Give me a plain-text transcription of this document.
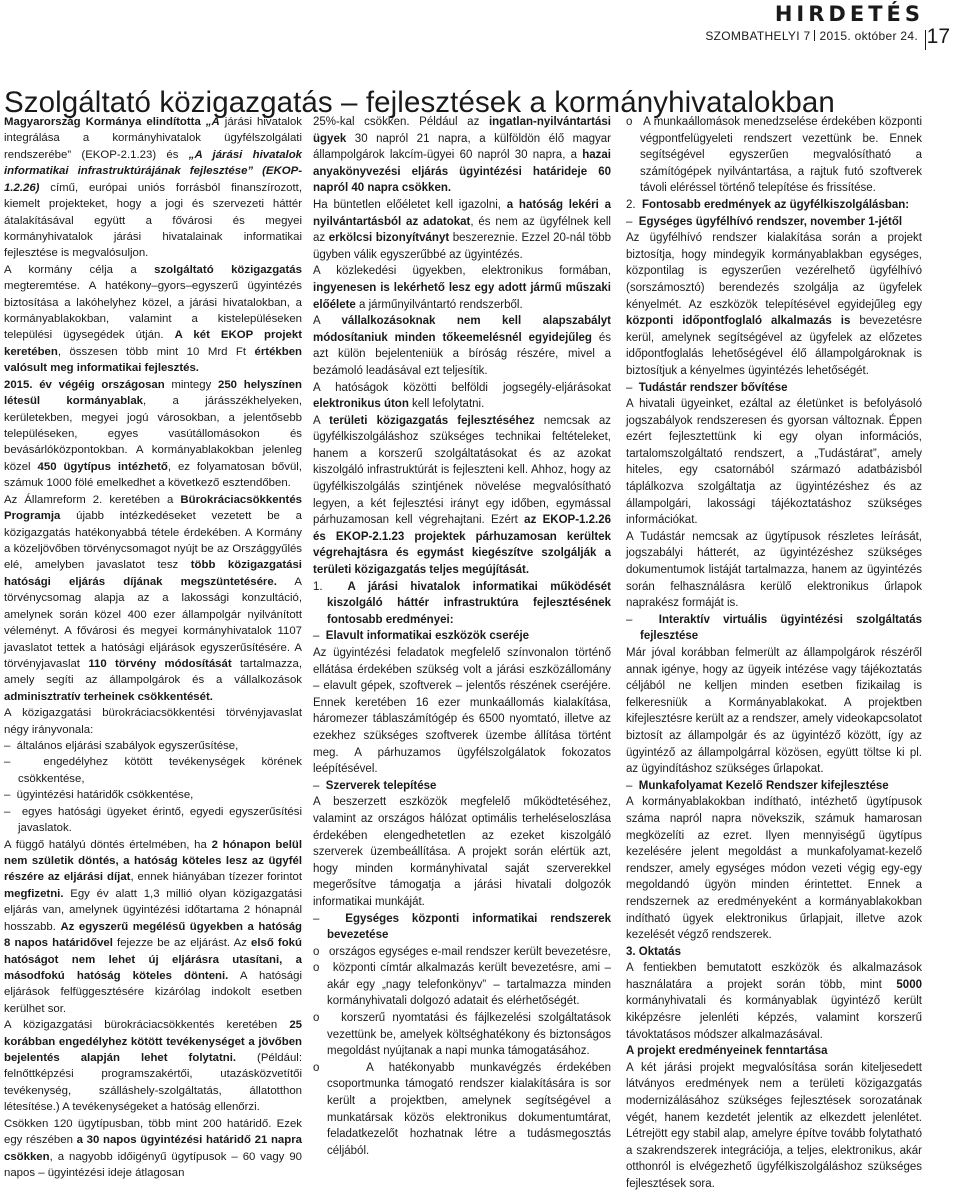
HIRDETÉS
SZOMBATHELYI 7 2015. október 24. 17
Szolgáltató közigazgatás – fejlesztések a kormányhivatalokban

Magyarország Kormánya elindította „A járási hivatalok integrálása a kormányhivatalok ügyfélszolgálati rendszerébe” (EKOP-2.1.23) és „A járási hivatalok informatikai infrastruktúrájának fejlesztése” (EKOP-1.2.26) című, európai uniós forrásból finanszírozott, kiemelt projekteket, hogy a jogi és szervezeti háttér átalakításával együtt a fővárosi és megyei kormányhivatalok járási hivatalainak informatikai fejlesztése is megvalósuljon.

A kormány célja a szolgáltató közigazgatás megteremtése. A hatékony–gyors–egyszerű ügyintézés biztosítása a lakóhelyhez közel, a járási hivatalokban, a kormányablakokban, valamint a kistelepüléseken települési ügysegédek útján. A két EKOP projekt keretében, összesen több mint 10 Mrd Ft értékben valósult meg informatikai fejlesztés.

2015. év végéig országosan mintegy 250 helyszínen létesül kormányablak, a járásszékhelyeken, kerületekben, megyei jogú városokban, a jelentősebb településeken, egyes vasútállomásokon és bevásárlóközpontokban. A kormányablakokban jelenleg közel 450 ügytípus intézhető, ez folyamatosan bővül, számuk 1000 fölé emelkedhet a következő esztendőben.

Az Államreform 2. keretében a Bürokráciacsökkentés Programja újabb intézkedéseket vezetett be a közigazgatás hatékonyabbá tétele érdekében. A Kormány a közeljövőben törvénycsomagot nyújt be az Országgyűlés elé, amelyben javaslatot tesz több közigazgatási hatósági eljárás díjának megszüntetésére. A törvénycsomag alapja az a lakossági konzultáció, amelynek során közel 400 ezer állampolgár nyilvánított véleményt. A fővárosi és megyei kormányhivatalok 1107 javaslatot tettek a hatósági eljárások egyszerűsítésére. A törvényjavaslat 110 törvény módosítását tartalmazza, amely segíti az állampolgárok és a vállalkozások adminisztratív terheinek csökkentését.

A közigazgatási bürokráciacsökkentési törvényjavaslat négy irányvonala:

–  általános eljárási szabályok egyszerűsítése,
–  engedélyhez kötött tevékenységek körének csökkentése,
–  ügyintézési határidők csökkentése,
–  egyes hatósági ügyeket érintő, egyedi egyszerűsítési javaslatok.

A függő hatályú döntés értelmében, ha 2 hónapon belül nem születik döntés, a hatóság köteles lesz az ügyfél részére az eljárási díjat, ennek hiányában tízezer forintot megfizetni. Egy év alatt 1,3 millió olyan közigazgatási eljárás van, amelynek ügyintézési időtartama 2 hónapnál hosszabb. Az egyszerű megélésű ügyekben a hatóság 8 napos határidővel fejezze be az eljárást. Az első fokú hatóságot nem lehet új eljárásra utasítani, a másodfokú hatóság köteles dönteni. A hatósági eljárások felfüggesztésére kizárólag indokolt esetben kerülhet sor.

A közigazgatási bürokráciacsökkentés keretében 25 korábban engedélyhez kötött tevékenységet a jövőben bejelentés alapján lehet folytatni. (Például: felnőttképzési programszakértői, utazásközvetítői tevékenység, szálláshely-szolgáltatás, állatotthon létesítése.) A tevékenységeket a hatóság ellenőrzi.

Csökken 120 ügytípusban, több mint 200 határidő. Ezek egy részében a 30 napos ügyintézési határidő 21 napra csökken, a nagyobb időigényű ügytípusok – 60 vagy 90 napos – ügyintézési ideje átlagosan

25%-kal csökken. Például az ingatlan-nyilvántartási ügyek 30 napról 21 napra, a külföldön élő magyar állampolgárok lakcím-ügyei 60 napról 30 napra, a hazai anyakönyvezési eljárás ügyintézési határideje 60 napról 40 napra csökken.

Ha büntetlen előéletet kell igazolni, a hatóság lekéri a nyilvántartásból az adatokat, és nem az ügyfélnek kell az erkölcsi bizonyítványt beszereznie. Ezzel 20-nál több ügyben válik egyszerűbbé az ügyintézés.

A közlekedési ügyekben, elektronikus formában, ingyenesen is lekérhető lesz egy adott jármű műszaki előélete a járműnyilvántartó rendszerből.

A vállalkozásoknak nem kell alapszabályt módosítaniuk minden tőkeemelésnél egyidejűleg és azt külön bejelenteniük a bíróság részére, mivel a bezámoló leadásával ezt teljesítik.

A hatóságok közötti belföldi jogsegély-eljárásokat elektronikus úton kell lefolytatni.

A területi közigazgatás fejlesztéséhez nemcsak az ügyfélkiszolgáláshoz szükséges technikai feltételeket, hanem a korszerű szolgáltatásokat és az azokat kiszolgáló infrastruktúrát is fejleszteni kell. Ahhoz, hogy az ügyfélkiszolgálás szintjének növelése megvalósítható legyen, a két fejlesztési irányt egy időben, egymással párhuzamosan kell végrehajtani. Ezért az EKOP-1.2.26 és EKOP-2.1.23 projektek párhuzamosan kerültek végrehajtásra és egymást kiegészítve szolgálják a területi közigazgatás teljes megújítását.

1.  A járási hivatalok informatikai működését kiszolgáló háttér infrastruktúra fejlesztésének fontosabb eredményei:

–  Elavult informatikai eszközök cseréje

Az ügyintézési feladatok megfelelő színvonalon történő ellátása érdekében szükség volt a járási eszközállomány – elavult gépek, szoftverek – jelentős részének cseréjére. Ennek keretében 16 ezer munkaállomás kialakítása, háromezer táblaszámítógép és 6500 nyomtató, illetve az ezekhez szükséges szoftverek üzembe állítása történt meg. A párhuzamos ügyfélszolgálatok fokozatos leépítésével.

–  Szerverek telepítése

A beszerzett eszközök megfelelő működtetéséhez, valamint az országos hálózat optimális terheléseloszlása érdekében elengedhetetlen az ezeket kiszolgáló szerverek üzembeállítása. A projekt során elértük azt, hogy minden kormányhivatal saját szerverekkel megerősítve támogatja a járási hivatali dolgozók informatikai munkáját.

–  Egységes központi informatikai rendszerek bevezetése
o   országos egységes e-mail rendszer került bevezetésre,
o   központi címtár alkalmazás került bevezetésre, ami – akár egy „nagy telefonkönyv” – tartalmazza minden kormányhivatali dolgozó adatait és elérhetőségét.
o   korszerű nyomtatási és fájlkezelési szolgáltatások vezettünk be, amelyek költséghatékony és biztonságos megoldást nyújtanak a napi munka támogatásához.
o   A hatékonyabb munkavégzés érdekében csoportmunka támogató rendszer kialakítására is sor került a projektben, amelynek segítségével a munkatársak közös elektronikus dokumentumtárat, feladatkezelőt hozhatnak létre a tudásmegosztás céljából.
o   A munkaállomások menedzselése érdekében központi végpontfelügyeleti rendszert vezettünk be. Ennek segítségével egyszerűen megvalósítható a számítógépek nyilvántartása, a rajtuk futó szoftverek távoli eléréssel történő telepítése és frissítése.

2.  Fontosabb eredmények az ügyfélkiszolgálásban:

–  Egységes ügyfélhívó rendszer, november 1-jétől

Az ügyfélhívó rendszer kialakítása során a projekt biztosítja, hogy mindegyik kormányablakban egységes, központilag is egyszerűen vezérelhető ügyfélhívó (sorszámosztó) berendezés szolgálja az ügyfelek kényelmét. Az eszközök telepítésével egyidejűleg egy központi időpontfoglaló alkalmazás is bevezetésre kerül, amelynek segítségével az ügyfelek az előzetes időpontfoglalás lehetőségével élő állampolgároknak is biztosítjuk a kényelmes ügyintézés lehetőségét.

–  Tudástár rendszer bővítése

A hivatali ügyeinket, ezáltal az életünket is befolyásoló jogszabályok rendszeresen és gyorsan változnak. Éppen ezért fejlesztettünk ki egy olyan információs, tartalomszolgáltató rendszert, a „Tudástárat”, amely hiteles, egy csatornából származó adatbázisból táplálkozva szolgáltatja az ügyintézéshez és az állampolgári, lakossági tájékoztatáshoz szükséges információkat.

A Tudástár nemcsak az ügytípusok részletes leírását, jogszabályi hátterét, az ügyintézéshez szükséges dokumentumok listáját tartalmazza, hanem az ügyintézés során felhasználásra kerülő elektronikus űrlapok naprakész formáját is.

–  Interaktív virtuális ügyintézési szolgáltatás fejlesztése

Már jóval korábban felmerült az állampolgárok részéről annak igénye, hogy az ügyeik intézése vagy tájékoztatás céljából ne kelljen minden esetben fizikailag is felkeresniük a Kormányablakokat. A projektben kifejlesztésre került az a rendszer, amely videokapcsolatot biztosít az állampolgár és az ügyintéző között, így az ügyintéző az állampolgárral közösen, együtt töltse ki pl. az ügyindításhoz szükséges űrlapokat.

–  Munkafolyamat Kezelő Rendszer kifejlesztése

A kormányablakokban indítható, intézhető ügytípusok száma napról napra növekszik, számuk hamarosan megközelíti az ezret. Ilyen mennyiségű ügytípus kezelésére jelent megoldást a munkafolyamat-kezelő rendszer, amely egységes módon vezeti végig egy-egy megoldandó ügyön minden érintettet. Ennek a rendszernek az eredményeként a kormányablakokban indítható ügyek elektronikus űrlapjait, illetve azok kezelését végző rendszerek.

3. Oktatás

A fentiekben bemutatott eszközök és alkalmazások használatára a projekt során több, mint 5000 kormányhivatali és kormányablak ügyintéző került kiképzésre jelenléti képzés, valamint korszerű távoktatásos módszer alkalmazásával.

A projekt eredményeinek fenntartása

A két járási projekt megvalósítása során kiteljesedett látványos eredmények nem a területi közigazgatás modernizálásához szükséges fejlesztések sorozatának végét, hanem kezdetét jelentik az elkezdett jelenlétet. Létrejött egy stabil alap, amelyre építve tovább folytatható a szakrendszerek integrációja, a teljes, elektronikus, akár otthonról is elvégezhető ügyfélkiszolgáláshoz szükséges fejlesztések sora.
